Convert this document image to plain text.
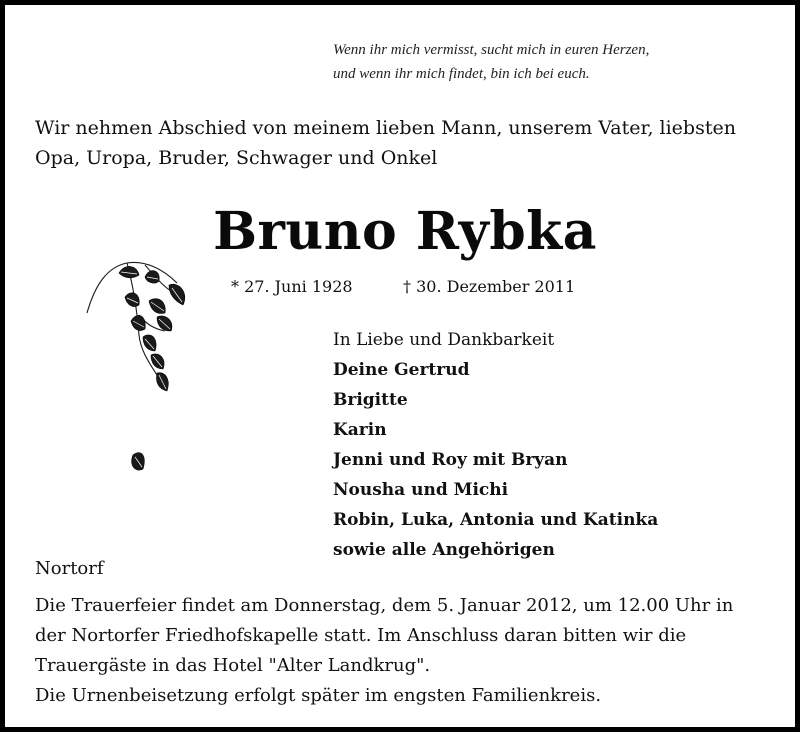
Wenn ihr mich vermisst, sucht mich in euren Herzen,
und wenn ihr mich findet, bin ich bei euch.
Wir nehmen Abschied von meinem lieben Mann, unserem Vater, liebsten
Opa, Uropa, Bruder, Schwager und Onkel
Bruno Rybka
* 27. Juni 1928	† 30. Dezember 2011
In Liebe und Dankbarkeit
Deine Gertrud
Brigitte
Karin
Jenni und Roy mit Bryan
Nousha und Michi
Robin, Luka, Antonia und Katinka
sowie alle Angehörigen
Nortorf
Die Trauerfeier findet am Donnerstag, dem 5. Januar 2012, um 12.00 Uhr in
der Nortorfer Friedhofskapelle statt. Im Anschluss daran bitten wir die
Trauergäste in das Hotel "Alter Landkrug".
Die Urnenbeisetzung erfolgt später im engsten Familienkreis.
